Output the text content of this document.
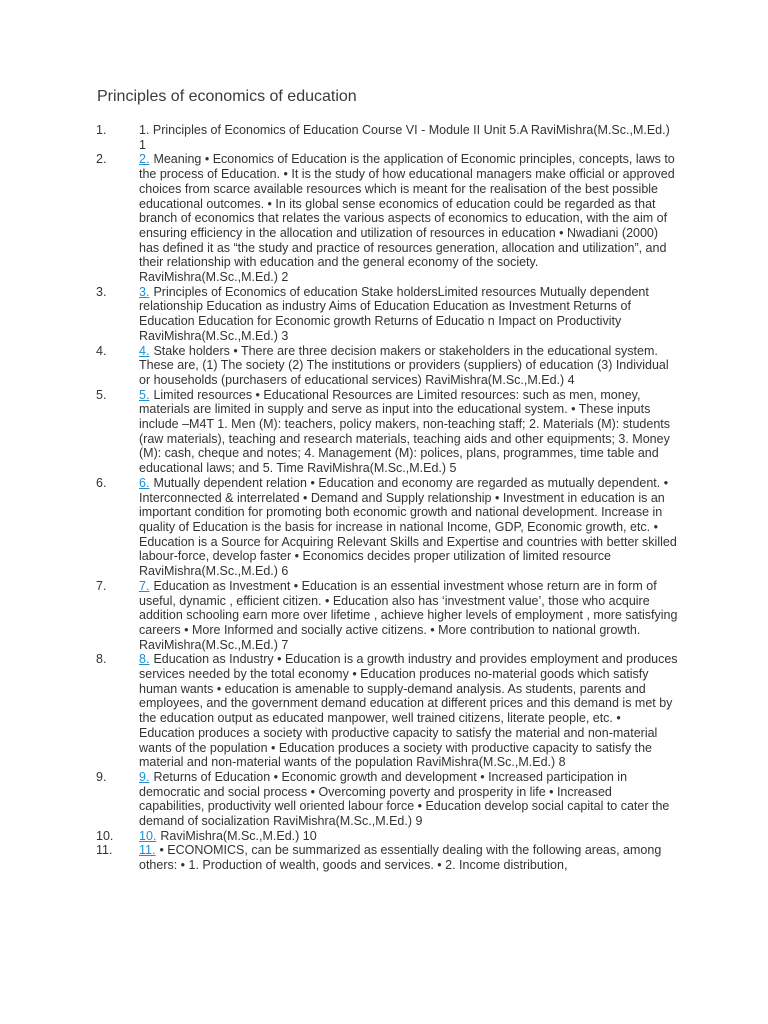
Principles of economics of education
1.	1. Principles of Economics of Education Course VI - Module II Unit 5.A RaviMishra(M.Sc.,M.Ed.) 1
2.	2. Meaning • Economics of Education is the application of Economic principles, concepts, laws to the process of Education. • It is the study of how educational managers make official or approved choices from scarce available resources which is meant for the realisation of the best possible educational outcomes. • In its global sense economics of education could be regarded as that branch of economics that relates the various aspects of economics to education, with the aim of ensuring efficiency in the allocation and utilization of resources in education • Nwadiani (2000) has defined it as “the study and practice of resources generation, allocation and utilization”, and their relationship with education and the general economy of the society. RaviMishra(M.Sc.,M.Ed.) 2
3.	3. Principles of Economics of education Stake holdersLimited resources Mutually dependent relationship Education as industry Aims of Education Education as Investment Returns of Education Education for Economic growth Returns of Educatio n Impact on Productivity RaviMishra(M.Sc.,M.Ed.) 3
4.	4. Stake holders • There are three decision makers or stakeholders in the educational system. These are, (1) The society (2) The institutions or providers (suppliers) of education (3) Individual or households (purchasers of educational services) RaviMishra(M.Sc.,M.Ed.) 4
5.	5. Limited resources • Educational Resources are Limited resources: such as men, money, materials are limited in supply and serve as input into the educational system. • These inputs include –M4T 1. Men (M): teachers, policy makers, non-teaching staff; 2. Materials (M): students (raw materials), teaching and research materials, teaching aids and other equipments; 3. Money (M): cash, cheque and notes; 4. Management (M): polices, plans, programmes, time table and educational laws; and 5. Time RaviMishra(M.Sc.,M.Ed.) 5
6.	6. Mutually dependent relation • Education and economy are regarded as mutually dependent. • Interconnected & interrelated • Demand and Supply relationship • Investment in education is an important condition for promoting both economic growth and national development. Increase in quality of Education is the basis for increase in national Income, GDP, Economic growth, etc. • Education is a Source for Acquiring Relevant Skills and Expertise and countries with better skilled labour-force, develop faster • Economics decides proper utilization of limited resource RaviMishra(M.Sc.,M.Ed.) 6
7.	7. Education as Investment • Education is an essential investment whose return are in form of useful, dynamic , efficient citizen. • Education also has ‘investment value’, those who acquire addition schooling earn more over lifetime , achieve higher levels of employment , more satisfying careers • More Informed and socially active citizens. • More contribution to national growth. RaviMishra(M.Sc.,M.Ed.) 7
8.	8. Education as Industry • Education is a growth industry and provides employment and produces services needed by the total economy • Education produces no-material goods which satisfy human wants • education is amenable to supply-demand analysis. As students, parents and employees, and the government demand education at different prices and this demand is met by the education output as educated manpower, well trained citizens, literate people, etc. • Education produces a society with productive capacity to satisfy the material and non-material wants of the population • Education produces a society with productive capacity to satisfy the material and non-material wants of the population RaviMishra(M.Sc.,M.Ed.) 8
9.	9. Returns of Education • Economic growth and development • Increased participation in democratic and social process • Overcoming poverty and prosperity in life • Increased capabilities, productivity well oriented labour force • Education develop social capital to cater the demand of socialization RaviMishra(M.Sc.,M.Ed.) 9
10.	10. RaviMishra(M.Sc.,M.Ed.) 10
11.	11. • ECONOMICS, can be summarized as essentially dealing with the following areas, among others: • 1. Production of wealth, goods and services. • 2. Income distribution,
